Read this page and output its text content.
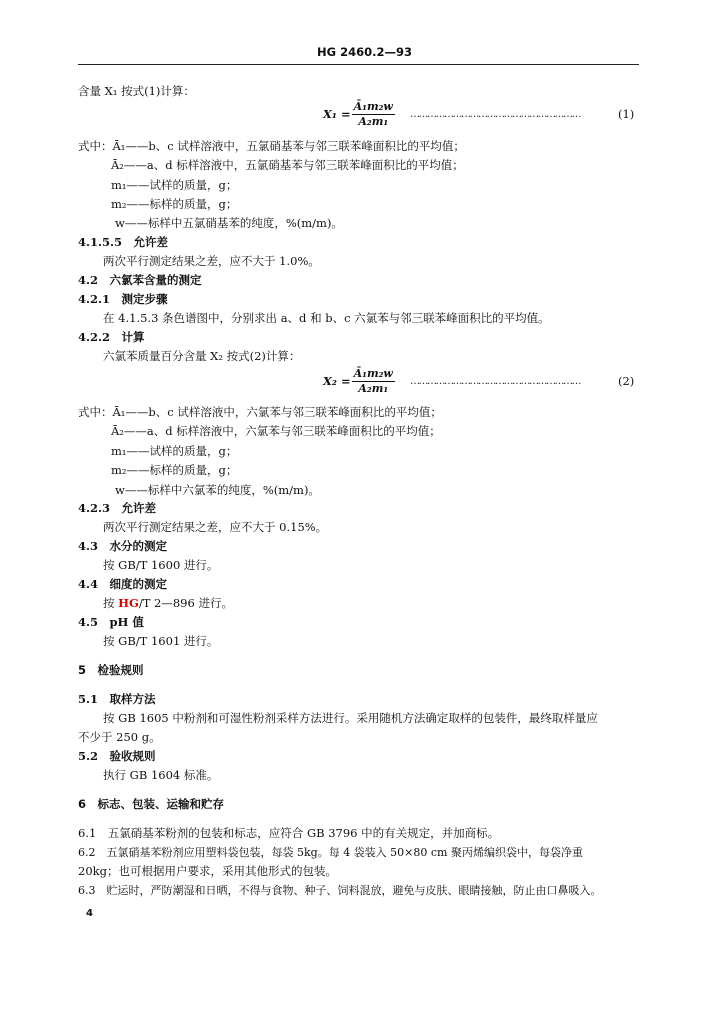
HG 2460.2—93
含量 X₁ 按式(1)计算：
$X_1 = \frac{\text{Ā₁m₂w}}{\text{A₂m₁}}$ ……………………………………………………	(1)
式中：Ā₁——b、c 试样溶液中，五氯硝基苯与邻三联苯峰面积比的平均值；
Ā₂——a、d 标样溶液中，五氯硝基苯与邻三联苯峰面积比的平均值；
m₁——试样的质量，g；
m₂——标样的质量，g；
w——标样中五氯硝基苯的纯度，%(m/m)。
4.1.5.5　允许差
两次平行测定结果之差，应不大于 1.0%。
4.2　六氯苯含量的测定
4.2.1　测定步骤
在 4.1.5.3 条色谱图中，分别求出 a、d 和 b、c 六氯苯与邻三联苯峰面积比的平均值。
4.2.2　计算
六氯苯质量百分含量 X₂ 按式(2)计算：
$X_2 = \frac{\text{Ā₁m₂w}}{\text{A₂m₁}}$ ……………………………………………………	(2)
式中：Ā₁——b、c 试样溶液中，六氯苯与邻三联苯峰面积比的平均值；
Ā₂——a、d 标样溶液中，六氯苯与邻三联苯峰面积比的平均值；
m₁——试样的质量，g；
m₂——标样的质量，g；
w——标样中六氯苯的纯度，%(m/m)。
4.2.3　允许差
两次平行测定结果之差，应不大于 0.15%。
4.3　水分的测定
按 GB/T 1600 进行。
4.4　细度的测定
按 HG/T 2—896 进行。
4.5　pH 值
按 GB/T 1601 进行。
5　检验规则
5.1　取样方法
按 GB 1605 中粉剂和可湿性粉剂采样方法进行。采用随机方法确定取样的包装件，最终取样量应
不少于 250 g。
5.2　验收规则
执行 GB 1604 标准。
6　标志、包装、运输和贮存
6.1　五氯硝基苯粉剂的包装和标志，应符合 GB 3796 中的有关规定，并加商标。
6.2　五氯硝基苯粉剂应用塑料袋包装，每袋 5kg。每 4 袋装入 50×80 cm 聚丙烯编织袋中，每袋净重
20kg；也可根据用户要求，采用其他形式的包装。
6.3　贮运时，严防潮湿和日晒，不得与食物、种子、饲料混放，避免与皮肤、眼睛接触，防止由口鼻吸入。
4
